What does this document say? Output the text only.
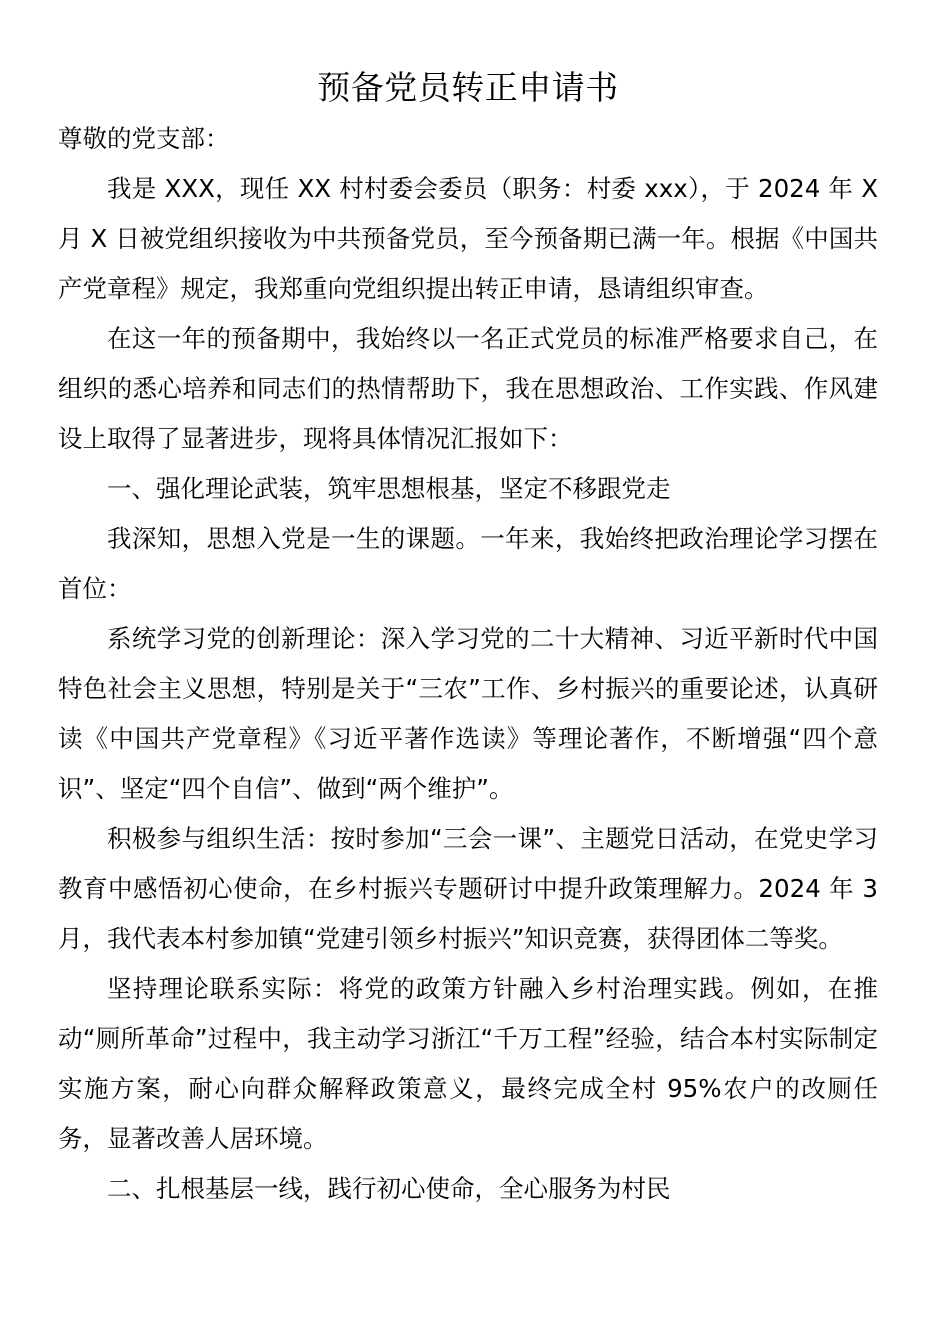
预备党员转正申请书

尊敬的党支部：

我是 XXX，现任 XX 村村委会委员（职务：村委 xxx），于 2024 年 X 月 X 日被党组织接收为中共预备党员，至今预备期已满一年。根据《中国共产党章程》规定，我郑重向党组织提出转正申请，恳请组织审查。

在这一年的预备期中，我始终以一名正式党员的标准严格要求自己，在组织的悉心培养和同志们的热情帮助下，我在思想政治、工作实践、作风建设上取得了显著进步，现将具体情况汇报如下：

一、强化理论武装，筑牢思想根基，坚定不移跟党走

我深知，思想入党是一生的课题。一年来，我始终把政治理论学习摆在首位：

系统学习党的创新理论：深入学习党的二十大精神、习近平新时代中国特色社会主义思想，特别是关于“三农”工作、乡村振兴的重要论述，认真研读《中国共产党章程》《习近平著作选读》等理论著作，不断增强“四个意识”、坚定“四个自信”、做到“两个维护”。

积极参与组织生活：按时参加“三会一课”、主题党日活动，在党史学习教育中感悟初心使命，在乡村振兴专题研讨中提升政策理解力。2024 年 3 月，我代表本村参加镇“党建引领乡村振兴”知识竞赛，获得团体二等奖。

坚持理论联系实际：将党的政策方针融入乡村治理实践。例如，在推动“厕所革命”过程中，我主动学习浙江“千万工程”经验，结合本村实际制定实施方案，耐心向群众解释政策意义，最终完成全村 95%农户的改厕任务，显著改善人居环境。

二、扎根基层一线，践行初心使命，全心服务为村民
